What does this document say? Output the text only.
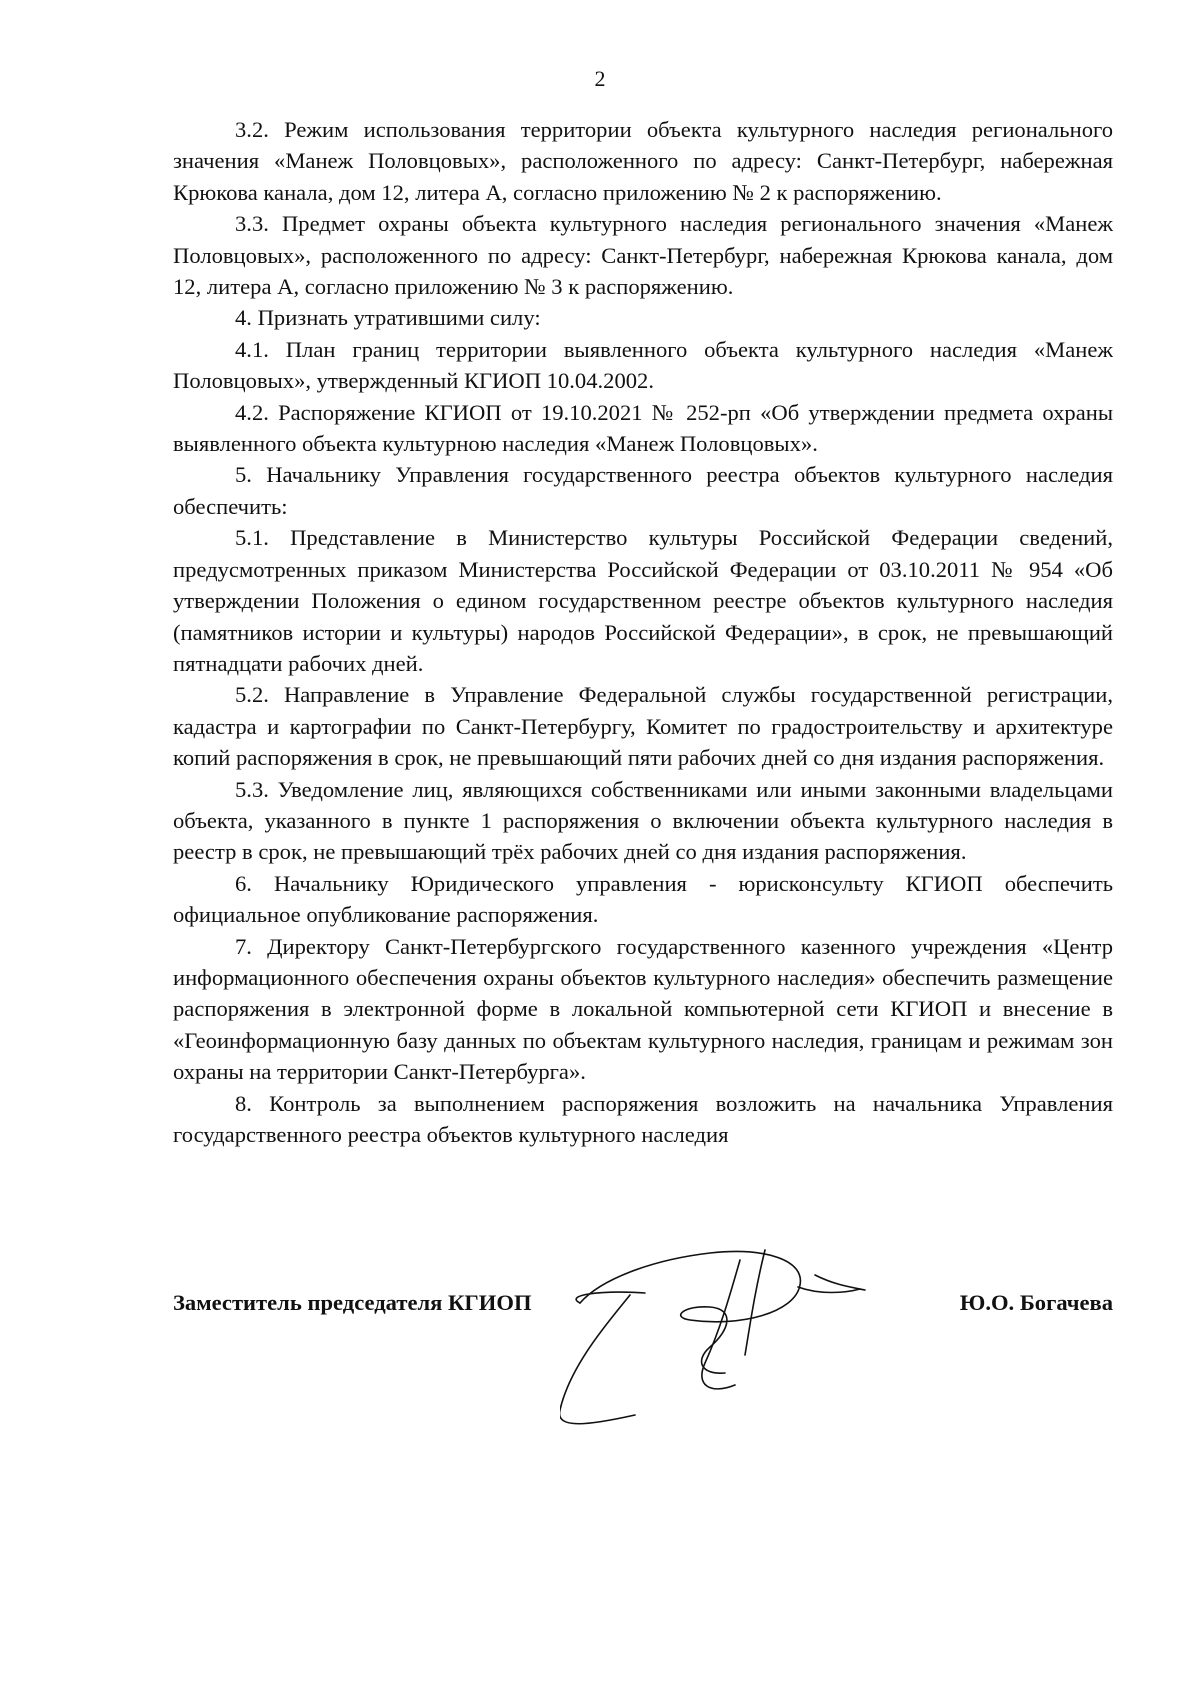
2

3.2. Режим использования территории объекта культурного наследия регионального значения «Манеж Половцовых», расположенного по адресу: Санкт-Петербург, набережная Крюкова канала, дом 12, литера А, согласно приложению № 2 к распоряжению.

3.3. Предмет охраны объекта культурного наследия регионального значения «Манеж Половцовых», расположенного по адресу: Санкт-Петербург, набережная Крюкова канала, дом 12, литера А, согласно приложению № 3 к распоряжению.

4. Признать утратившими силу:

4.1. План границ территории выявленного объекта культурного наследия «Манеж Половцовых», утвержденный КГИОП 10.04.2002.

4.2. Распоряжение КГИОП от 19.10.2021 № 252-рп «Об утверждении предмета охраны выявленного объекта культурною наследия «Манеж Половцовых».

5. Начальнику Управления государственного реестра объектов культурного наследия обеспечить:

5.1. Представление в Министерство культуры Российской Федерации сведений, предусмотренных приказом Министерства Российской Федерации от 03.10.2011 № 954 «Об утверждении Положения о едином государственном реестре объектов культурного наследия (памятников истории и культуры) народов Российской Федерации», в срок, не превышающий пятнадцати рабочих дней.

5.2. Направление в Управление Федеральной службы государственной регистрации, кадастра и картографии по Санкт-Петербургу, Комитет по градостроительству и архитектуре копий распоряжения в срок, не превышающий пяти рабочих дней со дня издания распоряжения.

5.3. Уведомление лиц, являющихся собственниками или иными законными владельцами объекта, указанного в пункте 1 распоряжения о включении объекта культурного наследия в реестр в срок, не превышающий трёх рабочих дней со дня издания распоряжения.

6. Начальнику Юридического управления - юрисконсульту КГИОП обеспечить официальное опубликование распоряжения.

7. Директору Санкт-Петербургского государственного казенного учреждения «Центр информационного обеспечения охраны объектов культурного наследия» обеспечить размещение распоряжения в электронной форме в локальной компьютерной сети КГИОП и внесение в «Геоинформационную базу данных по объектам культурного наследия, границам и режимам зон охраны на территории Санкт-Петербурга».

8. Контроль за выполнением распоряжения возложить на начальника Управления государственного реестра объектов культурного наследия

Заместитель председателя КГИОП	Ю.О. Богачева
